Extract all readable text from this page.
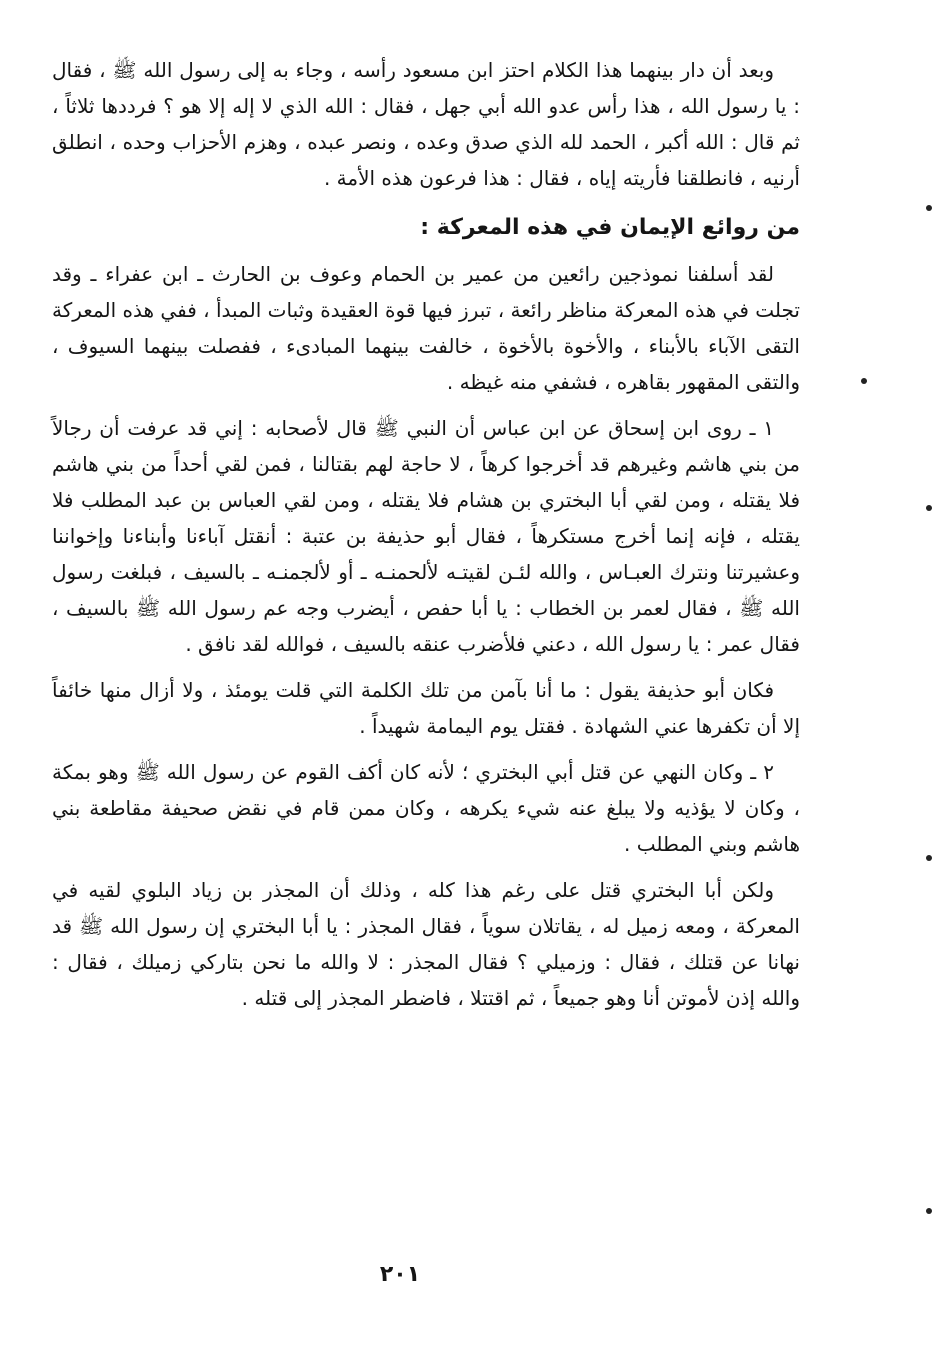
وبعد أن دار بينهما هذا الكلام احتز ابن مسعود رأسه ، وجاء به إلى رسول الله ﷺ ، فقال : يا رسول الله ، هذا رأس عدو الله أبي جهل ، فقال : الله الذي لا إله إلا هو ؟ فرددها ثلاثاً ، ثم قال : الله أكبر ، الحمد لله الذي صدق وعده ، ونصر عبده ، وهزم الأحزاب وحده ، انطلق أرنيه ، فانطلقنا فأريته إياه ، فقال : هذا فرعون هذه الأمة .

من روائع الإيمان في هذه المعركة :

لقد أسلفنا نموذجين رائعين من عمير بن الحمام وعوف بن الحارث ـ ابن عفراء ـ وقد تجلت في هذه المعركة مناظر رائعة ، تبرز فيها قوة العقيدة وثبات المبدأ ، ففي هذه المعركة التقى الآباء بالأبناء ، والأخوة بالأخوة ، خالفت بينهما المبادىء ، ففصلت بينهما السيوف ، والتقى المقهور بقاهره ، فشفي منه غيظه .

١ ـ روى ابن إسحاق عن ابن عباس أن النبي ﷺ قال لأصحابه : إني قد عرفت أن رجالاً من بني هاشم وغيرهم قد أخرجوا كرهاً ، لا حاجة لهم بقتالنا ، فمن لقي أحداً من بني هاشم فلا يقتله ، ومن لقي أبا البختري بن هشام فلا يقتله ، ومن لقي العباس بن عبد المطلب فلا يقتله ، فإنه إنما أخرج مستكرهاً ، فقال أبو حذيفة بن عتبة : أنقتل آباءنا وأبناءنا وإخواننا وعشيرتنا ونترك العبـاس ، والله لئـن لقيتـه لألحمنـه ـ أو لألجمنـه ـ بالسيف ، فبلغت رسول الله ﷺ ، فقال لعمر بن الخطاب : يا أبا حفص ، أيضرب وجه عم رسول الله ﷺ بالسيف ، فقال عمر : يا رسول الله ، دعني فلأضرب عنقه بالسيف ، فوالله لقد نافق .

فكان أبو حذيفة يقول : ما أنا بآمن من تلك الكلمة التي قلت يومئذ ، ولا أزال منها خائفاً إلا أن تكفرها عني الشهادة . فقتل يوم اليمامة شهيداً .

٢ ـ وكان النهي عن قتل أبي البختري ؛ لأنه كان أكف القوم عن رسول الله ﷺ وهو بمكة ، وكان لا يؤذيه ولا يبلغ عنه شيء يكرهه ، وكان ممن قام في نقض صحيفة مقاطعة بني هاشم وبني المطلب .

ولكن أبا البختري قتل على رغم هذا كله ، وذلك أن المجذر بن زياد البلوي لقيه في المعركة ، ومعه زميل له ، يقاتلان سوياً ، فقال المجذر : يا أبا البختري إن رسول الله ﷺ قد نهانا عن قتلك ، فقال : وزميلي ؟ فقال المجذر : لا والله ما نحن بتاركي زميلك ، فقال : والله إذن لأموتن أنا وهو جميعاً ، ثم اقتتلا ، فاضطر المجذر إلى قتله .

٢٠١
